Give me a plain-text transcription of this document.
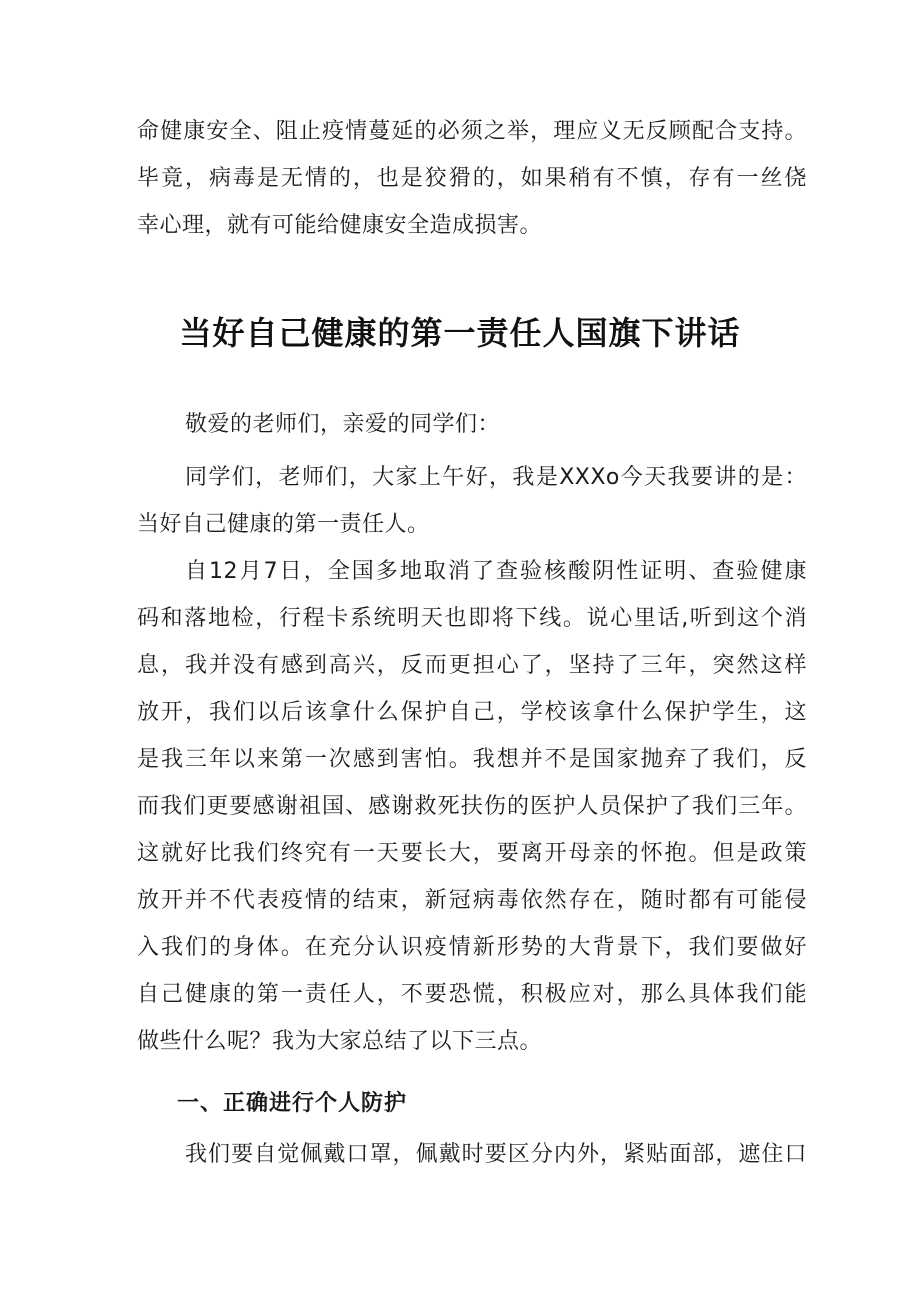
命健康安全、阻止疫情蔓延的必须之举，理应义无反顾配合支持。
毕竟，病毒是无情的，也是狡猾的，如果稍有不慎，存有一丝侥
幸心理，就有可能给健康安全造成损害。
当好自己健康的第一责任人国旗下讲话
敬爱的老师们，亲爱的同学们：
同学们，老师们，大家上午好，我是XXXo今天我要讲的是：
当好自己健康的第一责任人。
自12月7日，全国多地取消了查验核酸阴性证明、查验健康
码和落地检，行程卡系统明天也即将下线。说心里话,听到这个消
息，我并没有感到高兴，反而更担心了，坚持了三年，突然这样
放开，我们以后该拿什么保护自己，学校该拿什么保护学生，这
是我三年以来第一次感到害怕。我想并不是国家抛弃了我们，反
而我们更要感谢祖国、感谢救死扶伤的医护人员保护了我们三年。
这就好比我们终究有一天要长大，要离开母亲的怀抱。但是政策
放开并不代表疫情的结束，新冠病毒依然存在，随时都有可能侵
入我们的身体。在充分认识疫情新形势的大背景下，我们要做好
自己健康的第一责任人，不要恐慌，积极应对，那么具体我们能
做些什么呢？我为大家总结了以下三点。
一、正确进行个人防护
我们要自觉佩戴口罩，佩戴时要区分内外，紧贴面部，遮住口
